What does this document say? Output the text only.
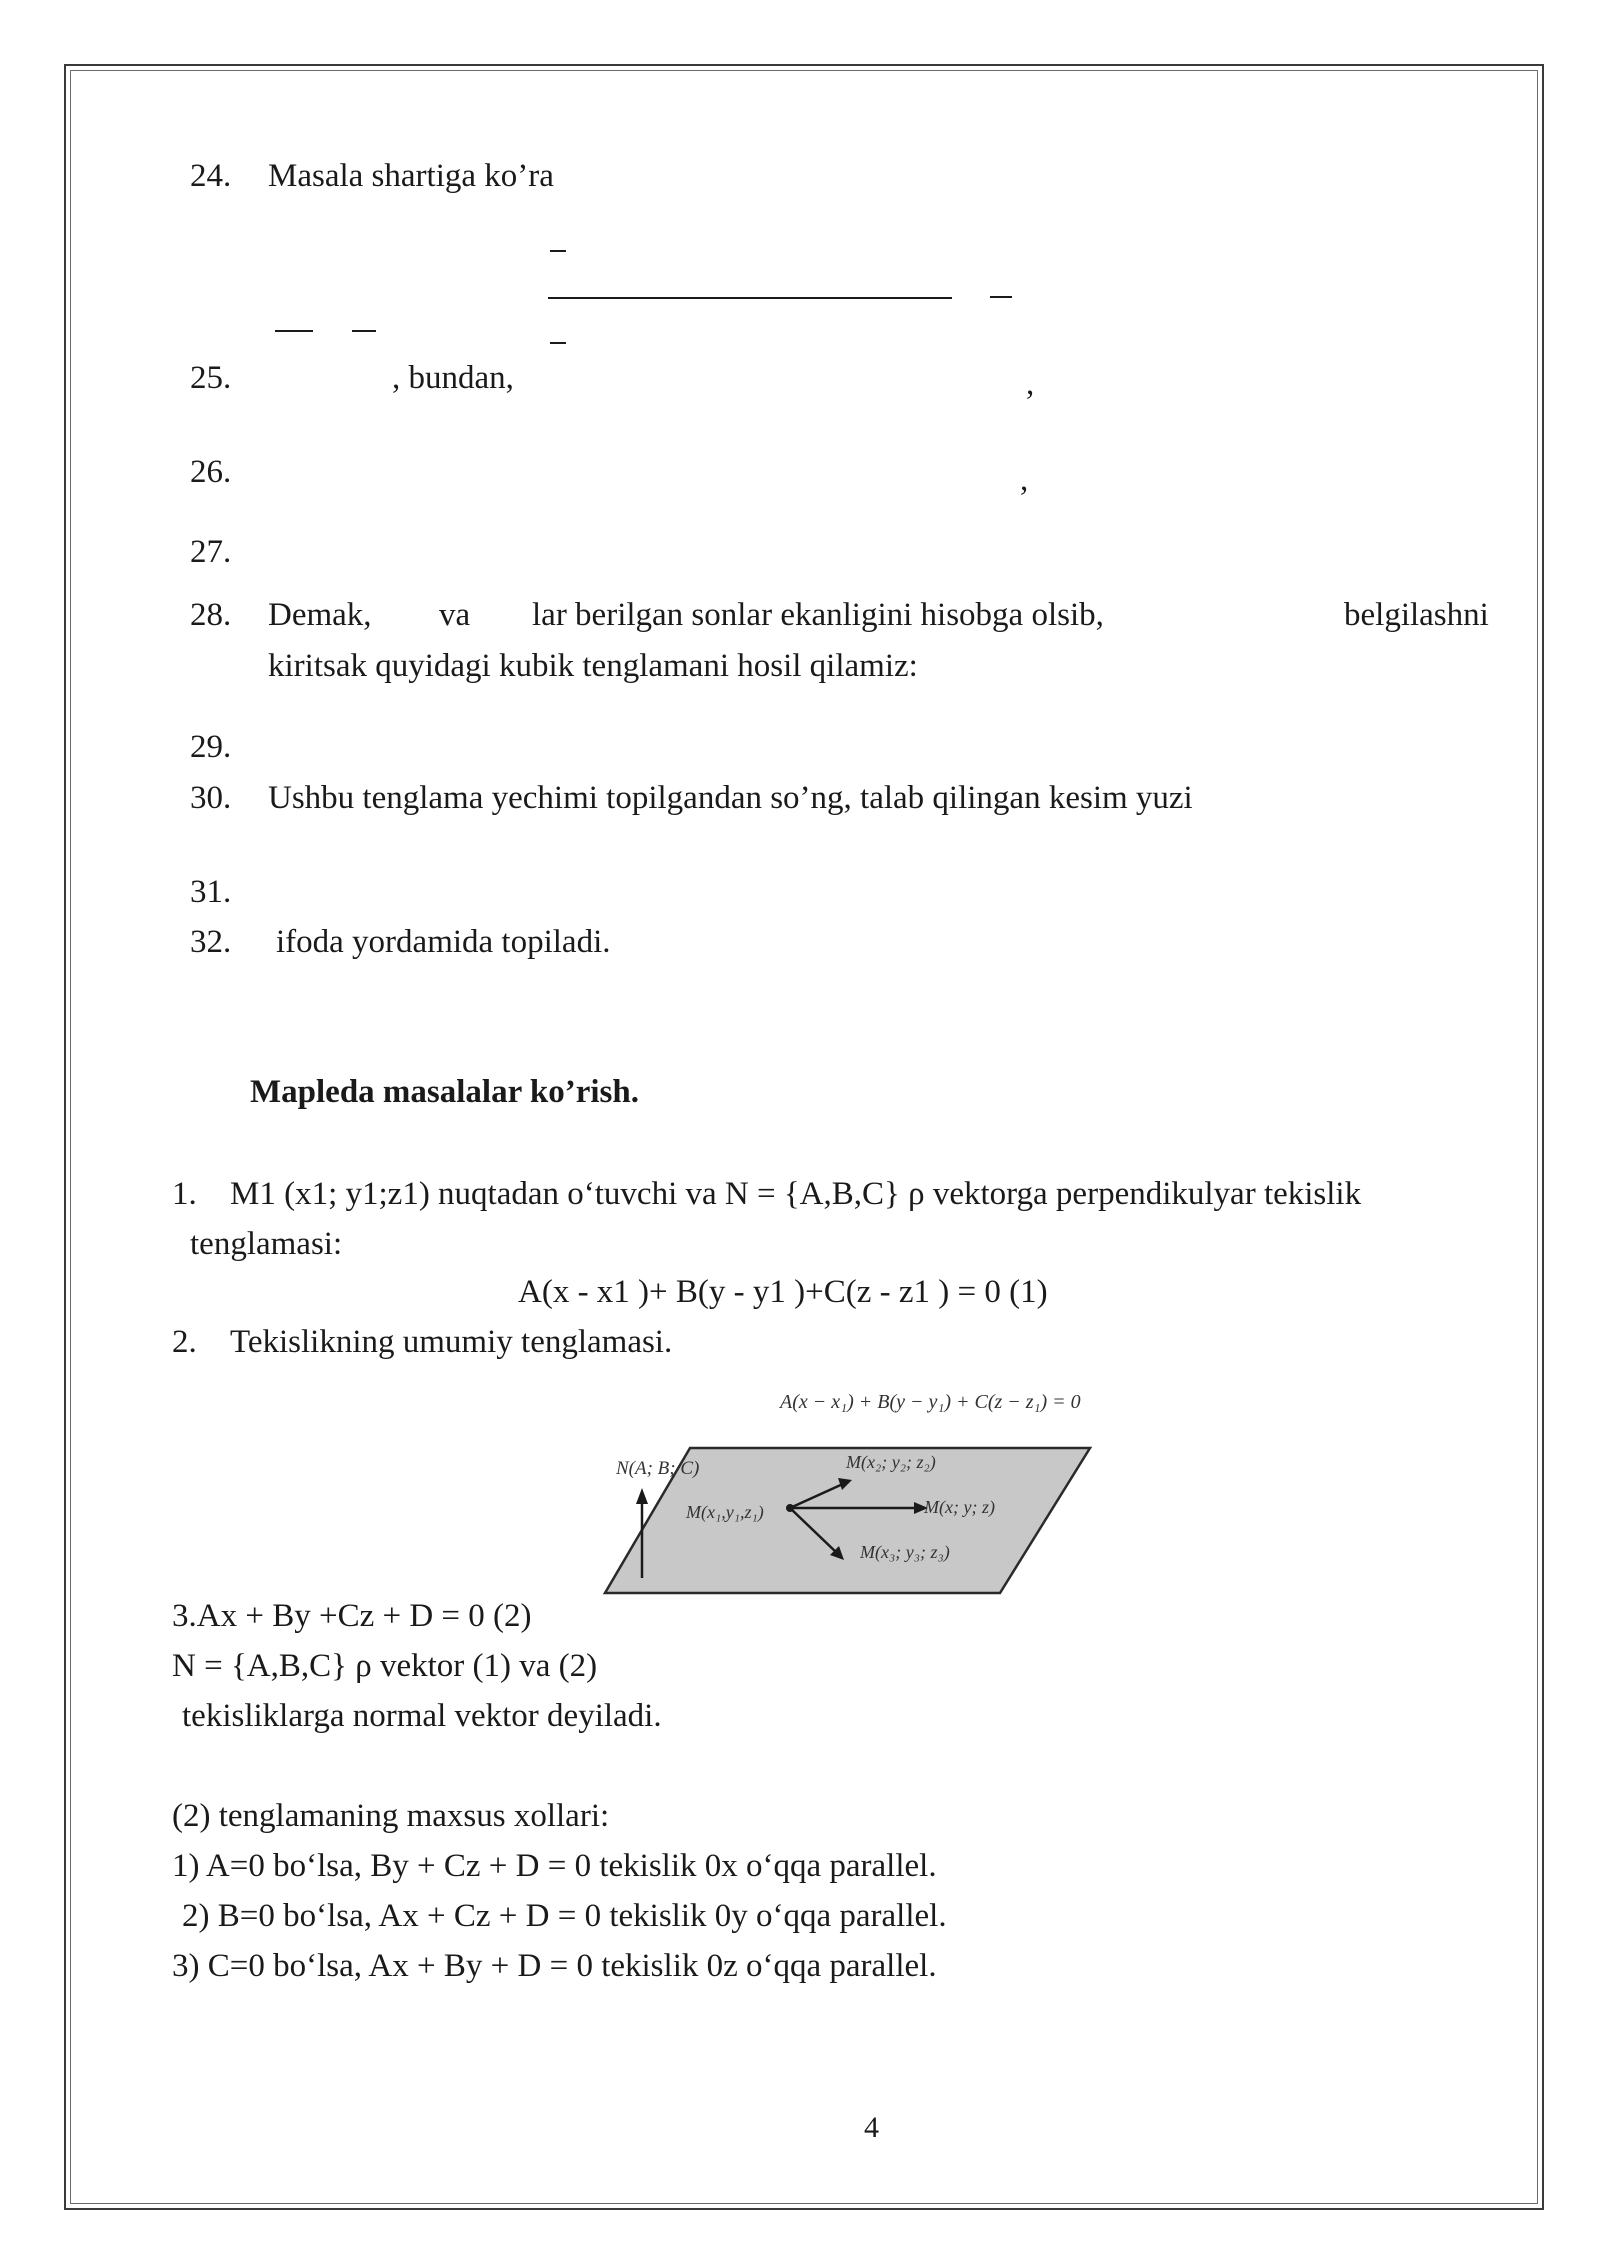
24. Masala shartiga ko’ra
25.	, bundan,	,
26.	,
27.
28. Demak, va lar berilgan sonlar ekanligini hisobga olsib,	belgilashni
kiritsak quyidagi kubik tenglamani hosil qilamiz:
29.
30. Ushbu tenglama yechimi topilgandan so’ng, talab qilingan kesim yuzi
31.
32. ifoda yordamida topiladi.
Mapleda masalalar ko’rish.
1. M1 (x1; y1;z1) nuqtadan o‘tuvchi va N = {A,B,C} ρ vektorga perpendikulyar tekislik
tenglamasi:
A(x - x1 )+ B(y - y1 )+C(z - z1 ) = 0 (1)
2. Tekislikning umumiy tenglamasi.
A(x − x₁) + B(y − y₁) + C(z − z₁) = 0
N(A; B; C)
M(x₁,y₁,z₁)
M(x₂; y₂; z₂)
M(x; y; z)
M(x₃; y₃; z₃)
3.Ax + By +Cz + D = 0 (2)
N = {A,B,C} ρ vektor (1) va (2)
tekisliklarga normal vektor deyiladi.
(2) tenglamaning maxsus xollari:
1) A=0 bo‘lsa, By + Cz + D = 0 tekislik 0x o‘qqa parallel.
2) B=0 bo‘lsa, Ax + Cz + D = 0 tekislik 0y o‘qqa parallel.
3) C=0 bo‘lsa, Ax + By + D = 0 tekislik 0z o‘qqa parallel.
4
